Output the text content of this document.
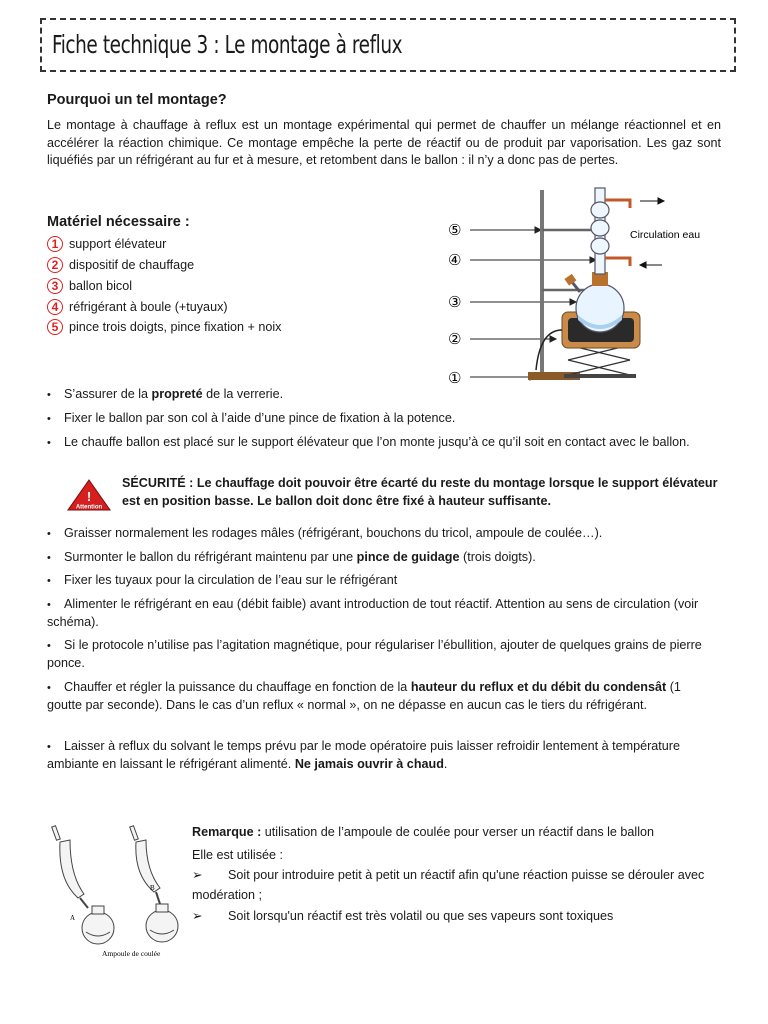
Fiche technique 3 : Le montage à reflux
Pourquoi un tel montage?
Le montage à chauffage à reflux est un montage expérimental qui permet de chauffer un mélange réactionnel et en accélérer la réaction chimique. Ce montage empêche la perte de réactif ou de produit par vaporisation. Les gaz sont liquéfiés par un réfrigérant au fur et à mesure, et retombent dans le ballon : il n’y a donc pas de pertes.
Matériel nécessaire :
1 support élévateur
2 dispositif de chauffage
3 ballon bicol
4 réfrigérant à boule (+tuyaux)
5 pince trois doigts, pince fixation + noix
⑤
④
③
②
①
Circulation eau
• S’assurer de la propreté de la verrerie.
• Fixer le ballon par son col à l’aide d’une pince de fixation à la potence.
• Le chauffe ballon est placé sur le support élévateur que l’on monte jusqu’à ce qu’il soit en contact avec le ballon.
!
Attention
SÉCURITÉ : Le chauffage doit pouvoir être écarté du reste du montage lorsque le support élévateur est en position basse. Le ballon doit donc être fixé à hauteur suffisante.
• Graisser normalement les rodages mâles (réfrigérant, bouchons du tricol, ampoule de coulée…).
• Surmonter le ballon du réfrigérant maintenu par une pince de guidage (trois doigts).
• Fixer les tuyaux pour la circulation de l’eau sur le réfrigérant
• Alimenter le réfrigérant en eau (débit faible) avant introduction de tout réactif. Attention au sens de circulation (voir schéma).
• Si le protocole n’utilise pas l’agitation magnétique, pour régulariser l’ébullition, ajouter de quelques grains de pierre ponce.
• Chauffer et régler la puissance du chauffage en fonction de la hauteur du reflux et du débit du condensât (1 goutte par seconde). Dans le cas d’un reflux « normal », on ne dépasse en aucun cas le tiers du réfrigérant.
• Laisser à reflux du solvant le temps prévu par le mode opératoire puis laisser refroidir lentement à température ambiante en laissant le réfrigérant alimenté. Ne jamais ouvrir à chaud.
A
B
Ampoule de coulée
Remarque : utilisation de l’ampoule de coulée pour verser un réactif dans le ballon
Elle est utilisée :
➢ Soit pour introduire petit à petit un réactif afin qu'une réaction puisse se dérouler avec modération ;
➢ Soit lorsqu'un réactif est très volatil ou que ses vapeurs sont toxiques
